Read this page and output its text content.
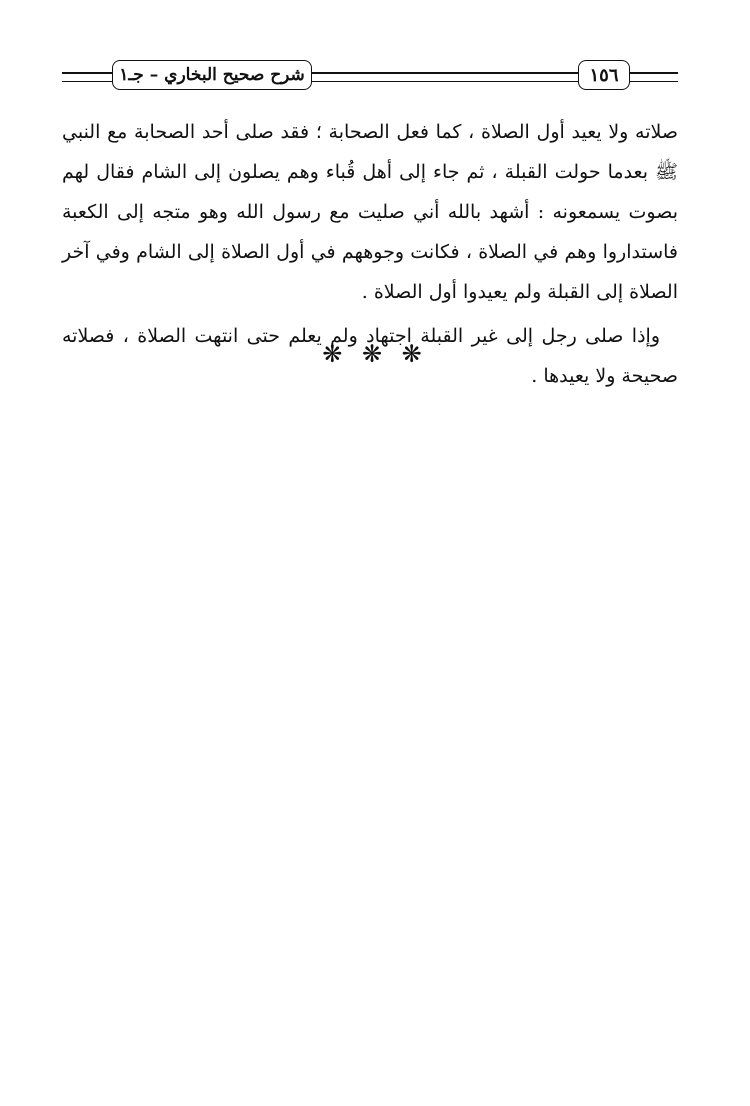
شرح صحيح البخاري – جـ١	١٥٦

صلاته ولا يعيد أول الصلاة ، كما فعل الصحابة ؛ فقد صلى أحد الصحابة مع النبي ﷺ بعدما حولت القبلة ، ثم جاء إلى أهل قُباء وهم يصلون إلى الشام فقال لهم بصوت يسمعونه : أشهد بالله أني صليت مع رسول الله وهو متجه إلى الكعبة فاستداروا وهم في الصلاة ، فكانت وجوههم في أول الصلاة إلى الشام وفي آخر الصلاة إلى القبلة ولم يعيدوا أول الصلاة .

وإذا صلى رجل إلى غير القبلة اجتهاد ولم يعلم حتى انتهت الصلاة ، فصلاته صحيحة ولا يعيدها .

❋ ❋ ❋
